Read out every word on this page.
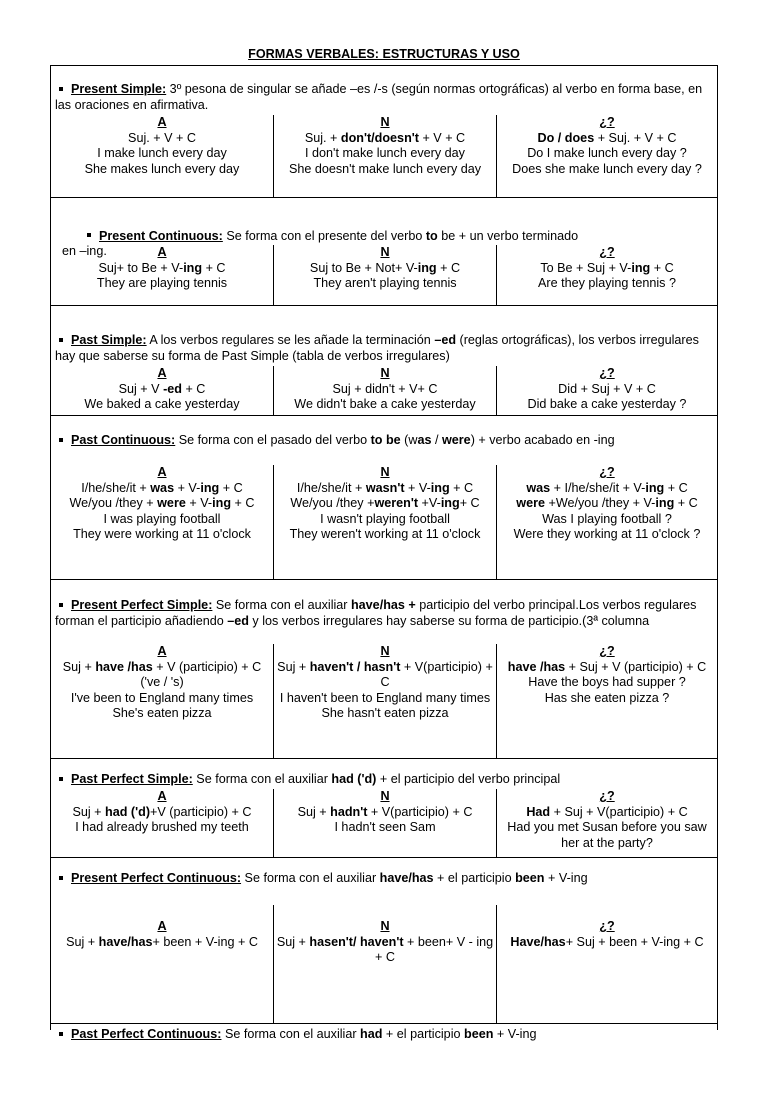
FORMAS VERBALES: ESTRUCTURAS Y USO
Present Simple: 3º pesona de singular se añade –es /-s (según normas ortográficas) al verbo en forma base, en las oraciones en afirmativa.
A
Suj. + V + C
I make lunch every day
She makes lunch every day
N
Suj. + don't/doesn't + V + C
I don't make lunch every day
She doesn't make lunch every day
¿?
Do / does + Suj. + V + C
Do I make lunch every day ?
Does she make lunch every day ?

Present Continuous: Se forma con el presente del verbo to be + un verbo terminado
en –ing.
	A
Suj+ to Be + V-ing + C
They are playing tennis
N
Suj to Be + Not+ V-ing + C
They aren't playing tennis
¿?
To Be + Suj + V-ing + C
Are they playing tennis ?
Past Simple: A los verbos regulares se les añade la terminación –ed (reglas ortográficas), los verbos irregulares hay que saberse su forma de Past Simple (tabla de verbos irregulares)
A
Suj + V -ed + C
We baked a cake yesterday
N
Suj + didn't + V+ C
We didn't bake a cake yesterday
¿?
Did + Suj + V + C
Did bake a cake yesterday ?
Past Continuous: Se forma con el pasado del verbo to be (was / were) + verbo acabado en -ing
A
I/he/she/it + was + V-ing + C
We/you /they + were + V-ing + C
I was playing football
They were working at 11 o'clock
N
I/he/she/it + wasn't + V-ing + C
We/you /they +weren't +V-ing+ C
I wasn't playing football
They weren't working at 11 o'clock
¿?
was + I/he/she/it + V-ing + C
were +We/you /they + V-ing + C
Was I playing football ?
Were they working at 11 o'clock ?
Present Perfect Simple: Se forma con el auxiliar have/has + participio del verbo principal.Los verbos regulares forman el participio añadiendo –ed y los verbos irregulares hay saberse su forma de participio.(3ª columna
A
Suj + have /has + V (participio) + C
('ve / 's)
I've been to England many times
She's eaten pizza
N
Suj + haven't / hasn't + V(participio) + C
I haven't been to England many times
She hasn't eaten pizza
¿?
have /has + Suj + V (participio) + C
Have the boys had supper ?
Has she eaten pizza ?
Past Perfect Simple: Se forma con el auxiliar had ('d) + el participio del verbo principal
A
Suj + had ('d)+V (participio) + C
I had already brushed my teeth
N
Suj + hadn't + V(participio) + C
I hadn't seen Sam
¿?
Had + Suj + V(participio) + C
Had you met Susan before you saw her at the party?
Present Perfect Continuous: Se forma con el auxiliar have/has + el participio been + V-ing
A
Suj + have/has+ been + V-ing + C
N
Suj + hasen't/ haven't + been+ V - ing + C
¿?
Have/has+ Suj + been + V-ing + C
Past Perfect Continuous: Se forma con el auxiliar had + el participio been + V-ing
